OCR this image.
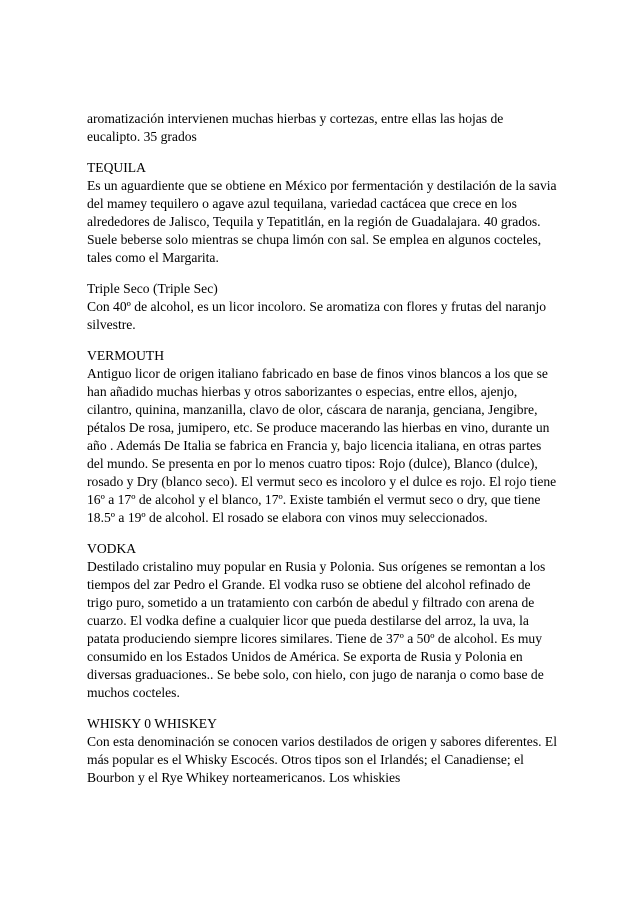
aromatización intervienen muchas hierbas y cortezas, entre ellas las hojas de eucalipto. 35 grados

TEQUILA
Es un aguardiente que se obtiene en México por fermentación y destilación de la savia del mamey tequilero o agave azul tequilana, variedad cactácea que crece en los alrededores de Jalisco, Tequila y Tepatitlán, en la región de Guadalajara. 40 grados. Suele beberse solo mientras se chupa limón con sal. Se emplea en algunos cocteles, tales como el Margarita.

Triple Seco (Triple Sec)
Con 40º de alcohol, es un licor incoloro. Se aromatiza con flores y frutas del naranjo silvestre.

VERMOUTH
Antiguo licor de origen italiano fabricado en base de finos vinos blancos a los que se han añadido muchas hierbas y otros saborizantes o especias, entre ellos, ajenjo, cilantro, quinina, manzanilla, clavo de olor, cáscara de naranja, genciana, Jengibre, pétalos De rosa, jumipero, etc. Se produce macerando las hierbas en vino, durante un año . Además De Italia se fabrica en Francia y, bajo licencia italiana, en otras partes del mundo. Se presenta en por lo menos cuatro tipos: Rojo (dulce), Blanco (dulce), rosado y Dry (blanco seco). El vermut seco es incoloro y el dulce es rojo. El rojo tiene 16º a 17º de alcohol y el blanco, 17º. Existe también el vermut seco o dry, que tiene 18.5º a 19º de alcohol. El rosado se elabora con vinos muy seleccionados.

VODKA
Destilado cristalino muy popular en Rusia y Polonia. Sus orígenes se remontan a los tiempos del zar Pedro el Grande. El vodka ruso se obtiene del alcohol refinado de trigo puro, sometido a un tratamiento con carbón de abedul y filtrado con arena de cuarzo. El vodka define a cualquier licor que pueda destilarse del arroz, la uva, la patata produciendo siempre licores similares. Tiene de 37º a 50º de alcohol. Es muy consumido en los Estados Unidos de América. Se exporta de Rusia y Polonia en diversas graduaciones.. Se bebe solo, con hielo, con jugo de naranja o como base de muchos cocteles.

WHISKY 0 WHISKEY
Con esta denominación se conocen varios destilados de origen y sabores diferentes. El más popular es el Whisky Escocés. Otros tipos son el Irlandés; el Canadiense; el Bourbon y el Rye Whikey norteamericanos. Los whiskies
